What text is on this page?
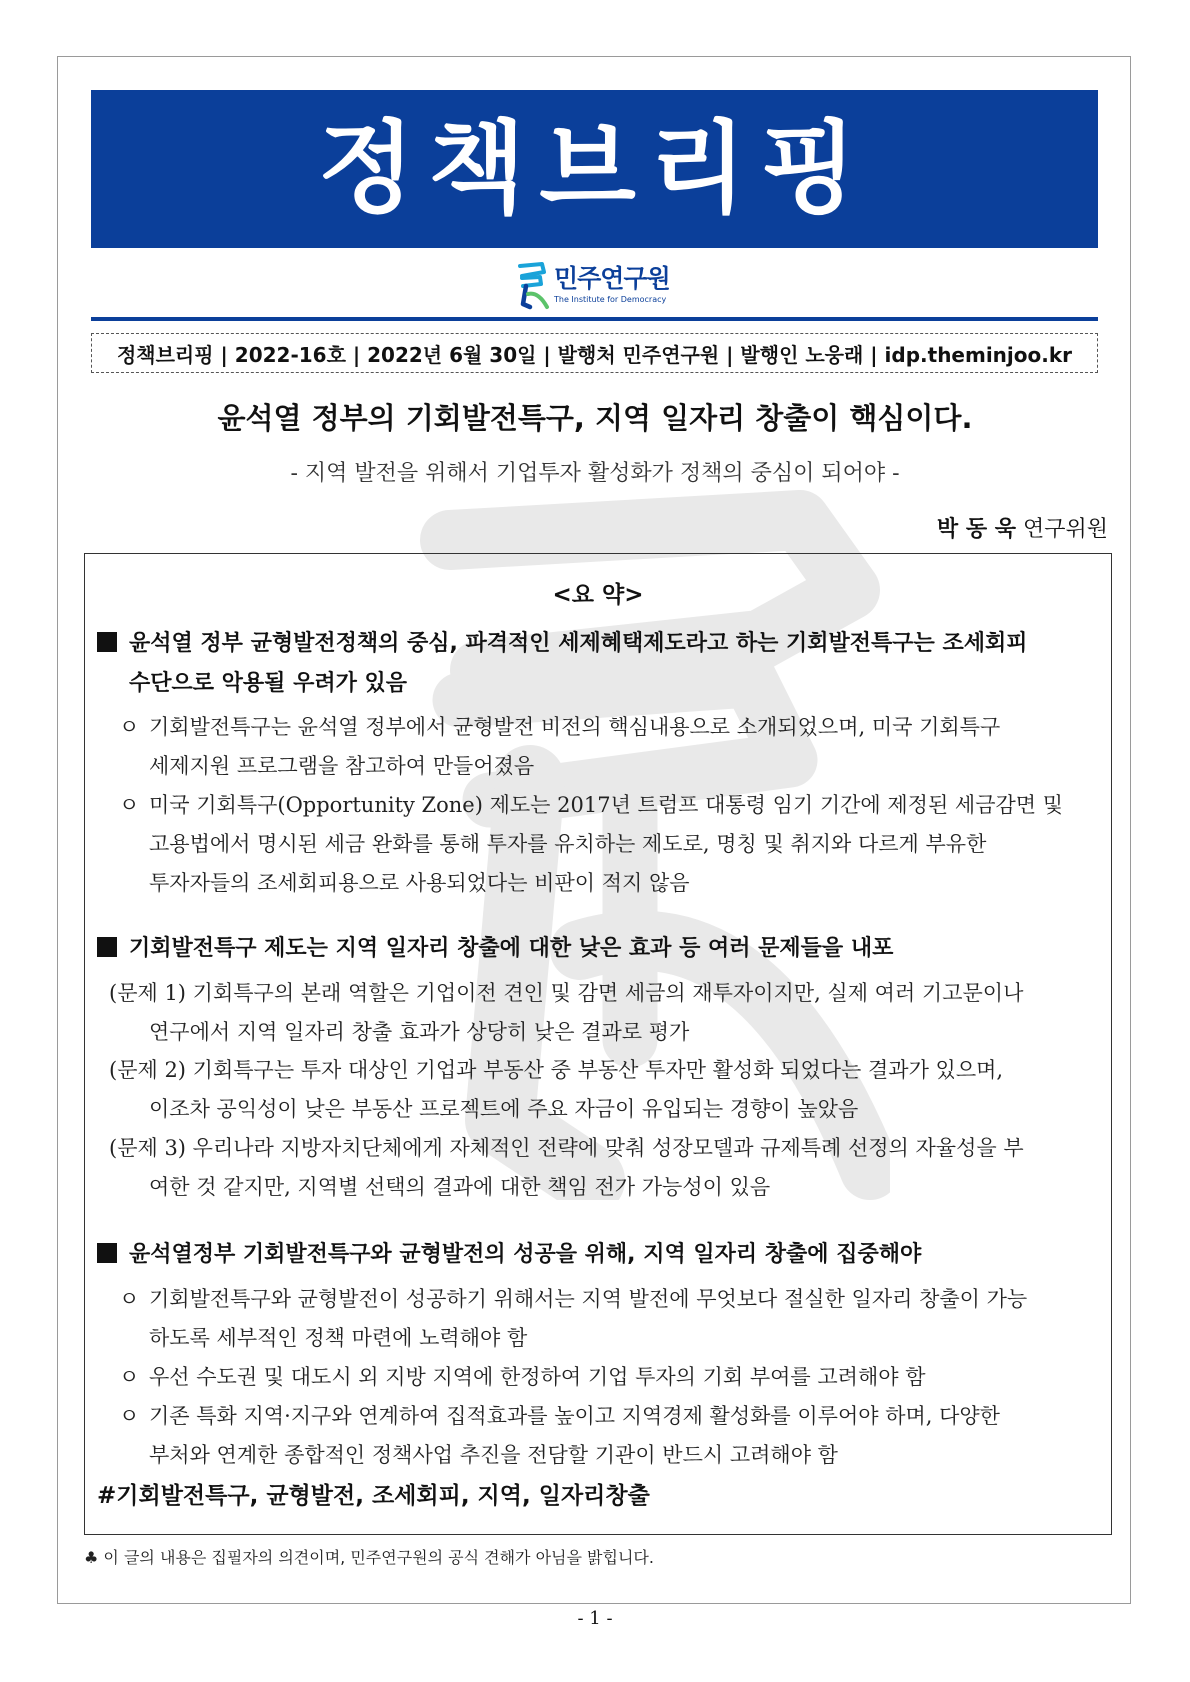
정책브리핑
민주연구원
The Institute for Democracy
정책브리핑 | 2022-16호 | 2022년 6월 30일 | 발행처 민주연구원 | 발행인 노웅래 | idp.theminjoo.kr
윤석열 정부의 기회발전특구, 지역 일자리 창출이 핵심이다.
- 지역 발전을 위해서 기업투자 활성화가 정책의 중심이 되어야 -
박 동 욱 연구위원
<요 약>
윤석열 정부 균형발전정책의 중심, 파격적인 세제혜택제도라고 하는 기회발전특구는 조세회피
수단으로 악용될 우려가 있음
ㅇ 기회발전특구는 윤석열 정부에서 균형발전 비전의 핵심내용으로 소개되었으며, 미국 기회특구
세제지원 프로그램을 참고하여 만들어졌음
ㅇ 미국 기회특구(Opportunity Zone) 제도는 2017년 트럼프 대통령 임기 기간에 제정된 세금감면 및
고용법에서 명시된 세금 완화를 통해 투자를 유치하는 제도로, 명칭 및 취지와 다르게 부유한
투자자들의 조세회피용으로 사용되었다는 비판이 적지 않음
기회발전특구 제도는 지역 일자리 창출에 대한 낮은 효과 등 여러 문제들을 내포
(문제 1) 기회특구의 본래 역할은 기업이전 견인 및 감면 세금의 재투자이지만, 실제 여러 기고문이나
연구에서 지역 일자리 창출 효과가 상당히 낮은 결과로 평가
(문제 2) 기회특구는 투자 대상인 기업과 부동산 중 부동산 투자만 활성화 되었다는 결과가 있으며,
이조차 공익성이 낮은 부동산 프로젝트에 주요 자금이 유입되는 경향이 높았음
(문제 3) 우리나라 지방자치단체에게 자체적인 전략에 맞춰 성장모델과 규제특례 선정의 자율성을 부
여한 것 같지만, 지역별 선택의 결과에 대한 책임 전가 가능성이 있음
윤석열정부 기회발전특구와 균형발전의 성공을 위해, 지역 일자리 창출에 집중해야
ㅇ 기회발전특구와 균형발전이 성공하기 위해서는 지역 발전에 무엇보다 절실한 일자리 창출이 가능
하도록 세부적인 정책 마련에 노력해야 함
ㅇ 우선 수도권 및 대도시 외 지방 지역에 한정하여 기업 투자의 기회 부여를 고려해야 함
ㅇ 기존 특화 지역·지구와 연계하여 집적효과를 높이고 지역경제 활성화를 이루어야 하며, 다양한
부처와 연계한 종합적인 정책사업 추진을 전담할 기관이 반드시 고려해야 함
#기회발전특구, 균형발전, 조세회피, 지역, 일자리창출
♣ 이 글의 내용은 집필자의 의견이며, 민주연구원의 공식 견해가 아님을 밝힙니다.
- 1 -
